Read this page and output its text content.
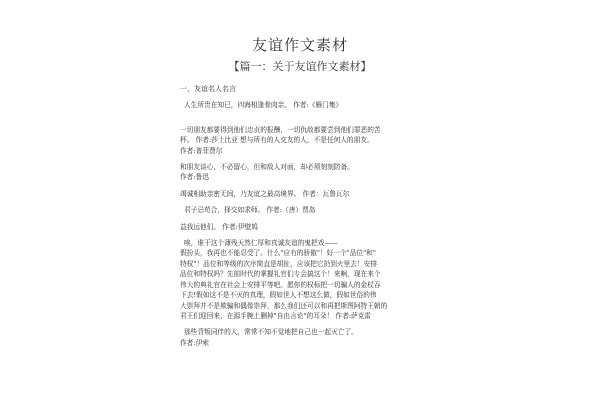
友谊作文素材
【篇一：关于友谊作文素材】
一、友谊名人名言
人生所贵在知已，四海相逢骨肉亲。 作者:《雁门集》
一切朋友都要得到他们忠贞的报酬，一切仇敌都要尝到他们罪恶的苦
杯。 作者:莎士比亚 想与所有的人交友的人，不是任何人的朋友。
作者:普菲费尔
和朋友谈心，不必留心，但和敌人对面，却必须刻刻防备。
作者:鲁迅
竭诚相助亲密无间，乃友谊之最高境界。 作者：瓦鲁瓦尔
君子忌苟合，择交如求师。 作者:（唐）贾岛
益我远他们。 作者:伊壁鸠
唉，谁干这个薄残天然仁厚和真诚友谊的鬼把戏——
假扮头，我再也不能忍受了。什么"应有的骄傲"！好一个"品位"和"
特权"！品位和等级的次序简直是胡扯，应该把它扔到火里去！安排
品位和特权吗？先前时代的掌握礼官们专会搞这个！来啊，现在来个
伟大的典礼官在社会上安排平等吧。愿你的权标把一切骗人的金杖吞
下去!假如这不是不灭的真理，假如世人不想这么做，假如世俗的伟
大崇拜并不是欺骗和偶像崇拜，那么我们还可以和再把斯图阿特王朝的
君王们迎回来，在源手腕上删掉"自由言论"的耳朵！ 作者:萨克雷
那些背叛同伴的人，常常不知不觉地把自己也一起灭亡了。
作者:伊索
